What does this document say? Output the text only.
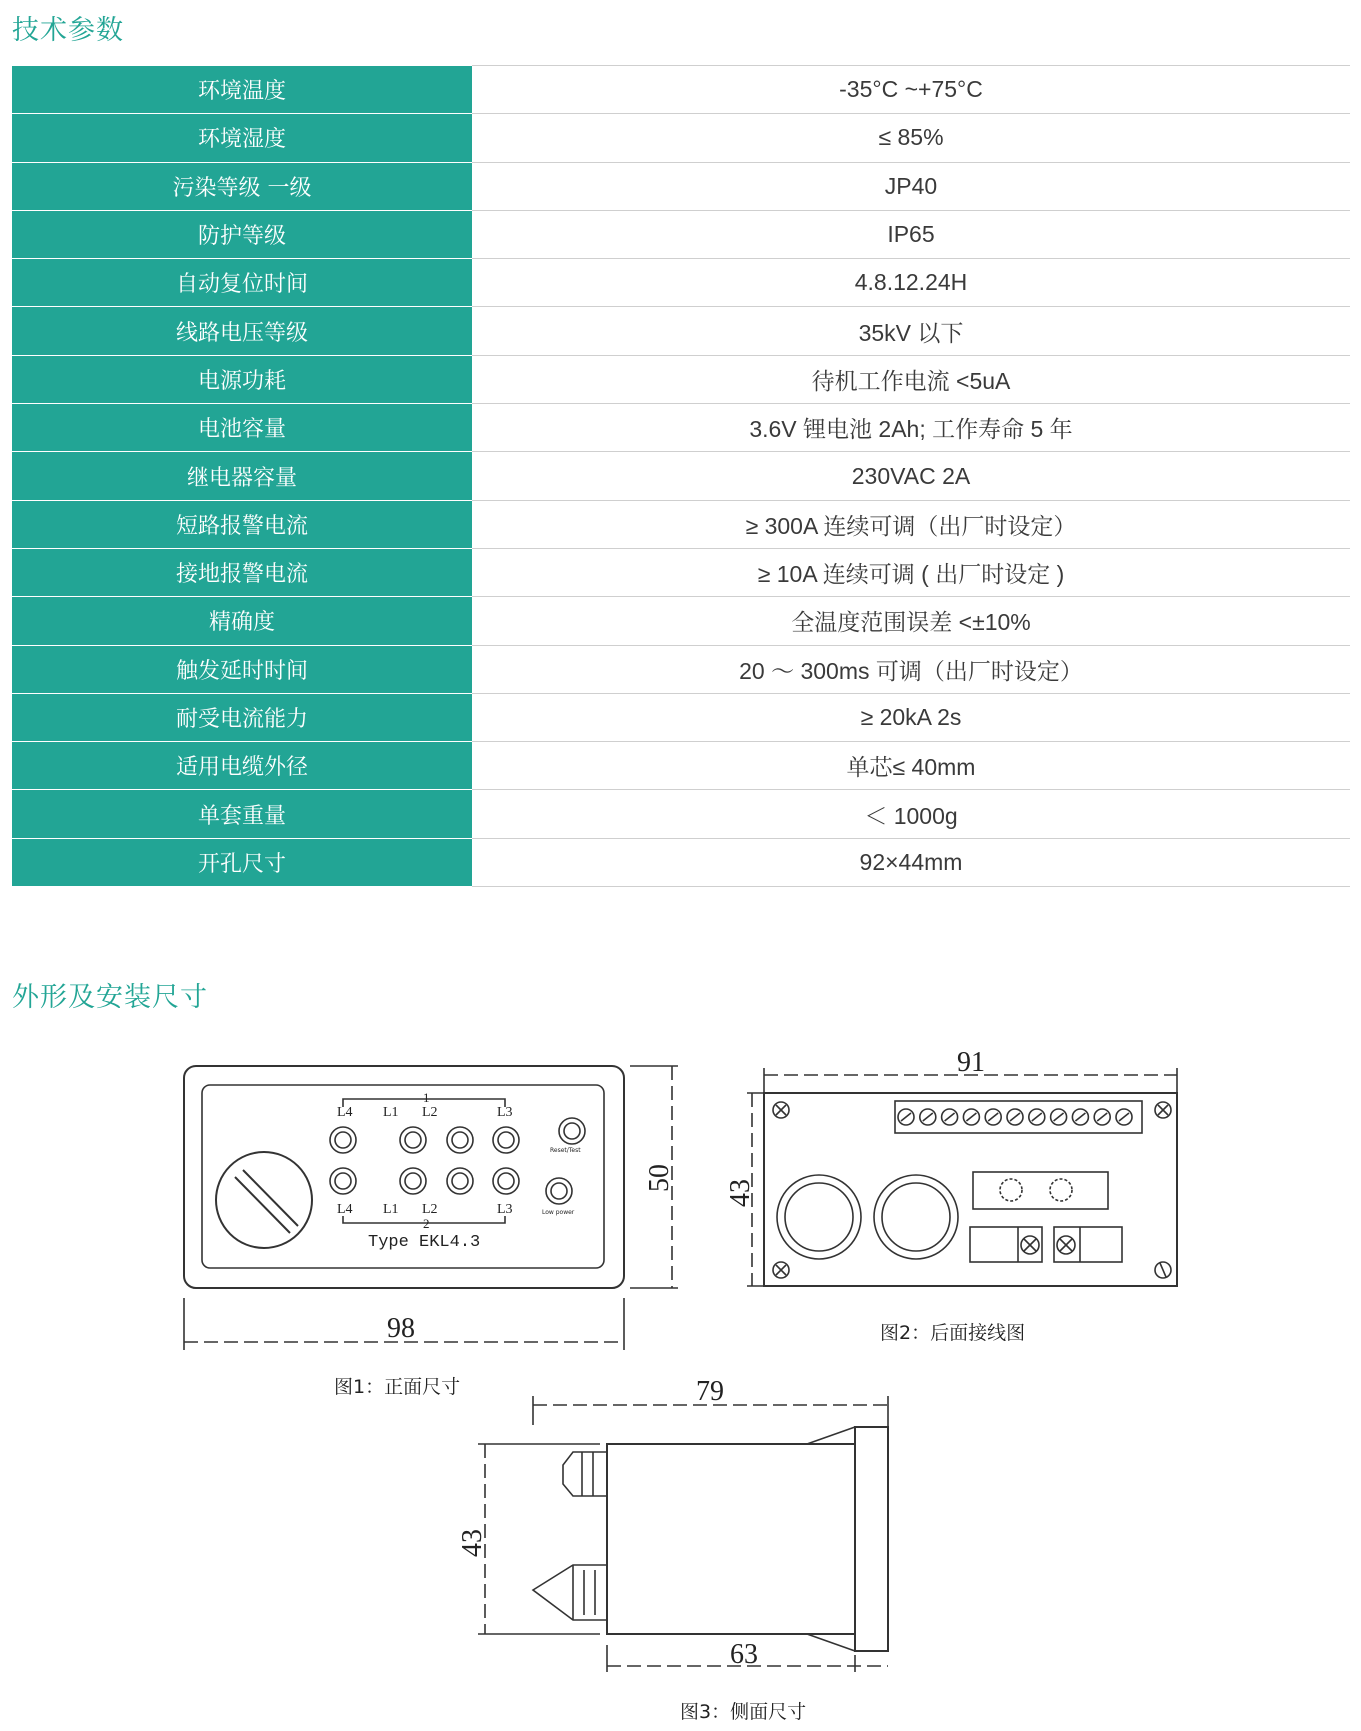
技术参数
环境温度	-35°C ~+75°C
环境湿度	≤ 85%
污染等级 一级	JP40
防护等级	IP65
自动复位时间	4.8.12.24H
线路电压等级	35kV 以下
电源功耗	待机工作电流 <5uA
电池容量	3.6V 锂电池 2Ah; 工作寿命 5 年
继电器容量	230VAC 2A
短路报警电流	≥ 300A 连续可调（出厂时设定）
接地报警电流	≥ 10A 连续可调 ( 出厂时设定 )
精确度	全温度范围误差 <±10%
触发延时时间	20 ～ 300ms 可调（出厂时设定）
耐受电流能力	≥ 20kA 2s
适用电缆外径	单芯≤ 40mm
单套重量	＜ 1000g
开孔尺寸	92×44mm
外形及安装尺寸
L4 L1 L2	L3
1
L4 L1 L2	L3
2
Type EKL4.3
Reset/Test
Low power
98
50
91
43
79
43
63
图1：正面尺寸
图2：后面接线图
图3：侧面尺寸
